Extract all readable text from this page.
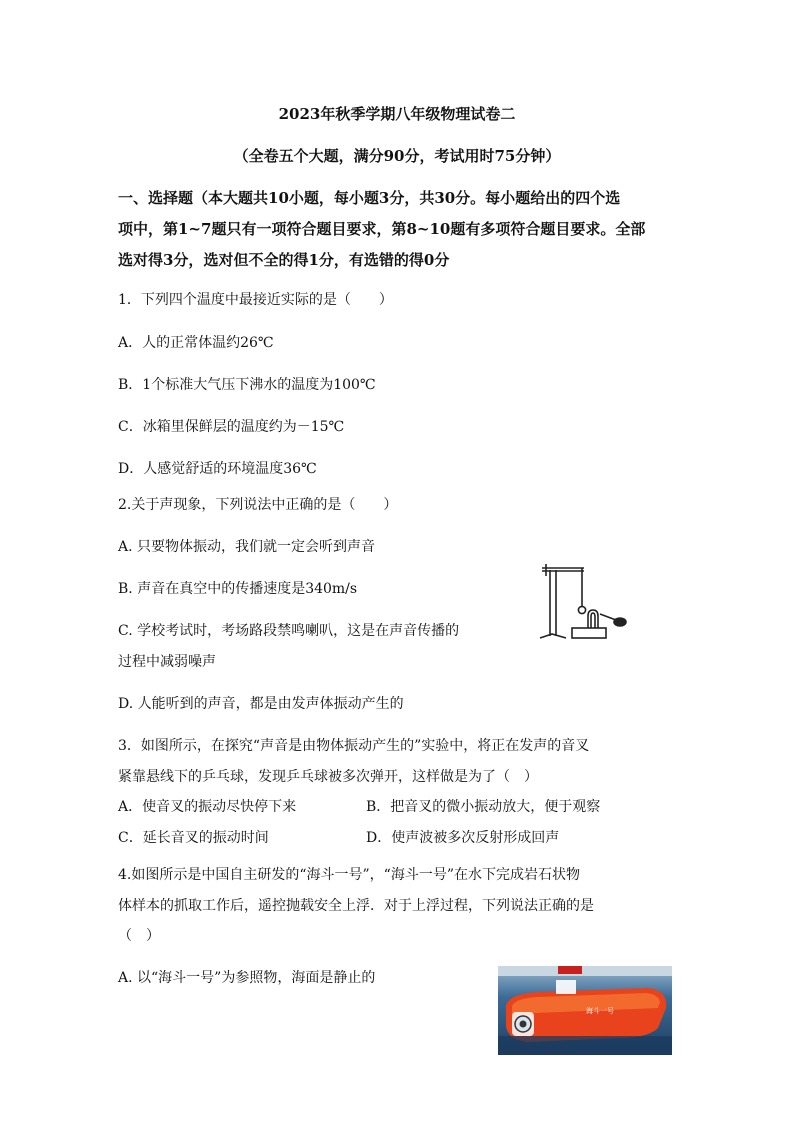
2023年秋季学期八年级物理试卷二
（全卷五个大题，满分90分，考试用时75分钟）
一、选择题（本大题共10小题，每小题3分，共30分。每小题给出的四个选
项中，第1~7题只有一项符合题目要求，第8~10题有多项符合题目要求。全部
选对得3分，选对但不全的得1分，有选错的得0分
1．下列四个温度中最接近实际的是（　　）
A．人的正常体温约26℃
B．1个标准大气压下沸水的温度为100℃
C．冰箱里保鲜层的温度约为－15℃
D．人感觉舒适的环境温度36℃
2.关于声现象，下列说法中正确的是（　　）
A. 只要物体振动，我们就一定会听到声音
B. 声音在真空中的传播速度是340m/s
C. 学校考试时，考场路段禁鸣喇叭，这是在声音传播的
过程中减弱噪声
D. 人能听到的声音，都是由发声体振动产生的
3．如图所示，在探究“声音是由物体振动产生的”实验中，将正在发声的音叉
紧靠悬线下的乒乓球，发现乒乓球被多次弹开，这样做是为了（　）
A．使音叉的振动尽快停下来	B．把音叉的微小振动放大，便于观察
C．延长音叉的振动时间	D．使声波被多次反射形成回声
4.如图所示是中国自主研发的“海斗一号”，“海斗一号”在水下完成岩石状物
体样本的抓取工作后，遥控抛载安全上浮．对于上浮过程，下列说法正确的是
（　）
A. 以“海斗一号”为参照物，海面是静止的
海斗一号
